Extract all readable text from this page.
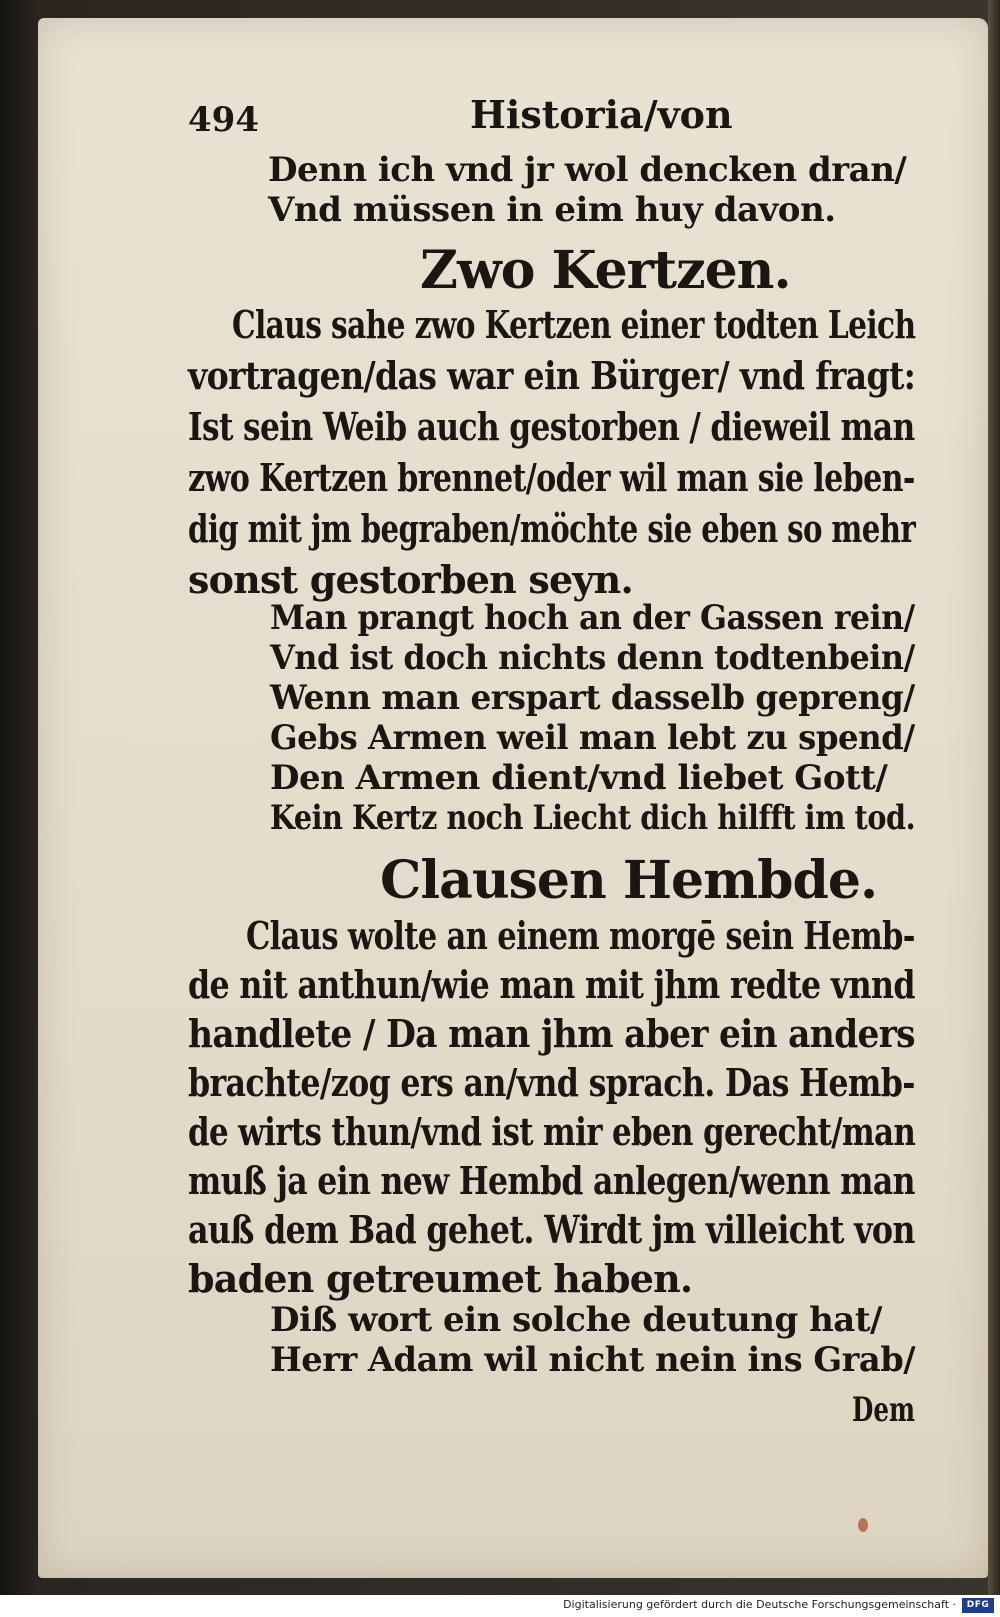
494	Historia/von
Denn ich vnd jr wol dencken dran/
Vnd müssen in eim huy davon.
Zwo Kertzen.
Claus sahe zwo Kertzen einer todten Leich
vortragen/das war ein Bürger/ vnd fragt:
Ist sein Weib auch gestorben / dieweil man
zwo Kertzen brennet/oder wil man sie leben-
dig mit jm begraben/möchte sie eben so mehr
sonst gestorben seyn.
Man prangt hoch an der Gassen rein/
Vnd ist doch nichts denn todtenbein/
Wenn man erspart dasselb gepreng/
Gebs Armen weil man lebt zu spend/
Den Armen dient/vnd liebet Gott/
Kein Kertz noch Liecht dich hilfft im tod.
Clausen Hembde.
Claus wolte an einem morgē sein Hemb-
de nit anthun/wie man mit jhm redte vnnd
handlete / Da man jhm aber ein anders
brachte/zog ers an/vnd sprach. Das Hemb-
de wirts thun/vnd ist mir eben gerecht/man
muß ja ein new Hembd anlegen/wenn man
auß dem Bad gehet. Wirdt jm villeicht von
baden getreumet haben.
Diß wort ein solche deutung hat/
Herr Adam wil nicht nein ins Grab/
Dem
Digitalisierung gefördert durch die Deutsche Forschungsgemeinschaft ·	DFG
